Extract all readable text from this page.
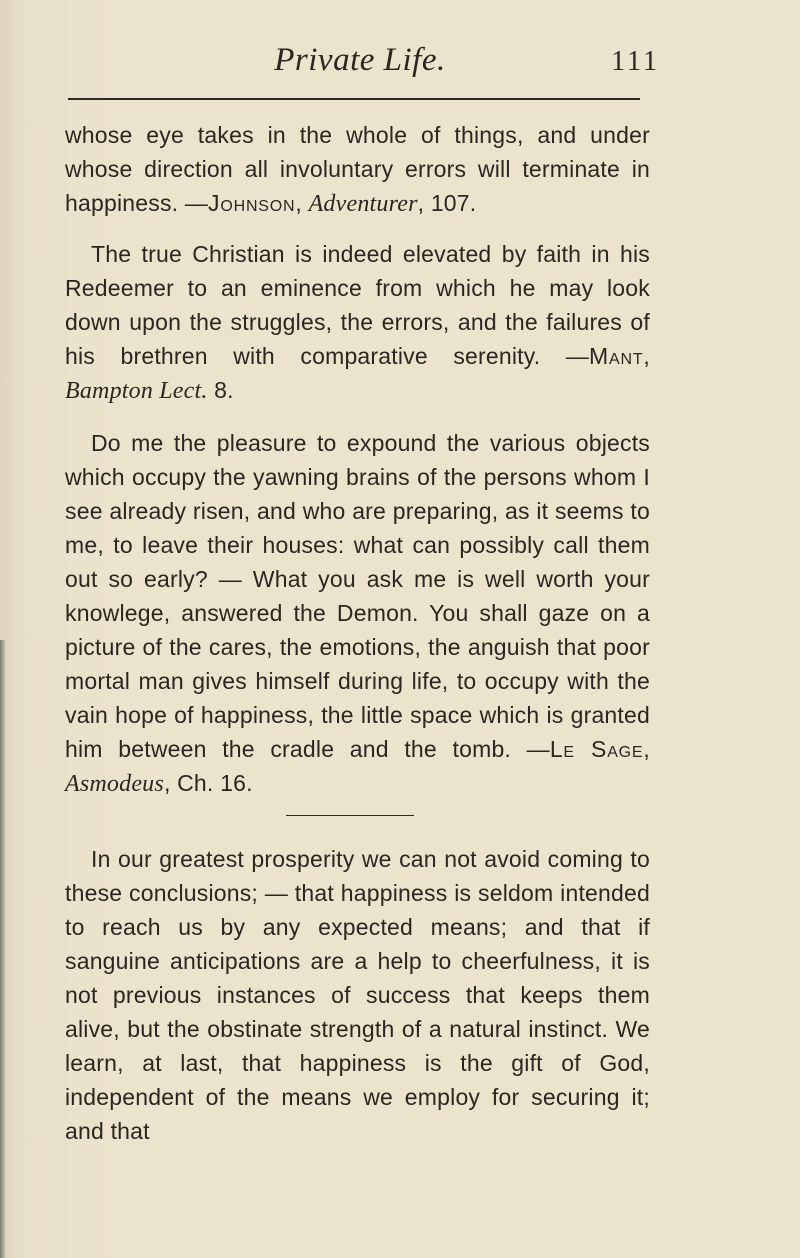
Private Life.	111

whose eye takes in the whole of things, and under whose direction all involuntary errors will terminate in happiness. —Johnson, Adventurer, 107.

The true Christian is indeed elevated by faith in his Redeemer to an eminence from which he may look down upon the struggles, the errors, and the failures of his brethren with comparative serenity. —Mant, Bampton Lect. 8.

Do me the pleasure to expound the various objects which occupy the yawning brains of the persons whom I see already risen, and who are preparing, as it seems to me, to leave their houses: what can possibly call them out so early? — What you ask me is well worth your knowlege, answered the Demon. You shall gaze on a picture of the cares, the emotions, the anguish that poor mortal man gives himself during life, to occupy with the vain hope of happiness, the little space which is granted him between the cradle and the tomb. —Le Sage, Asmodeus, Ch. 16.

In our greatest prosperity we can not avoid coming to these conclusions; — that happiness is seldom intended to reach us by any expected means; and that if sanguine anticipations are a help to cheerfulness, it is not previous instances of success that keeps them alive, but the obstinate strength of a natural instinct. We learn, at last, that happiness is the gift of God, independent of the means we employ for securing it; and that
